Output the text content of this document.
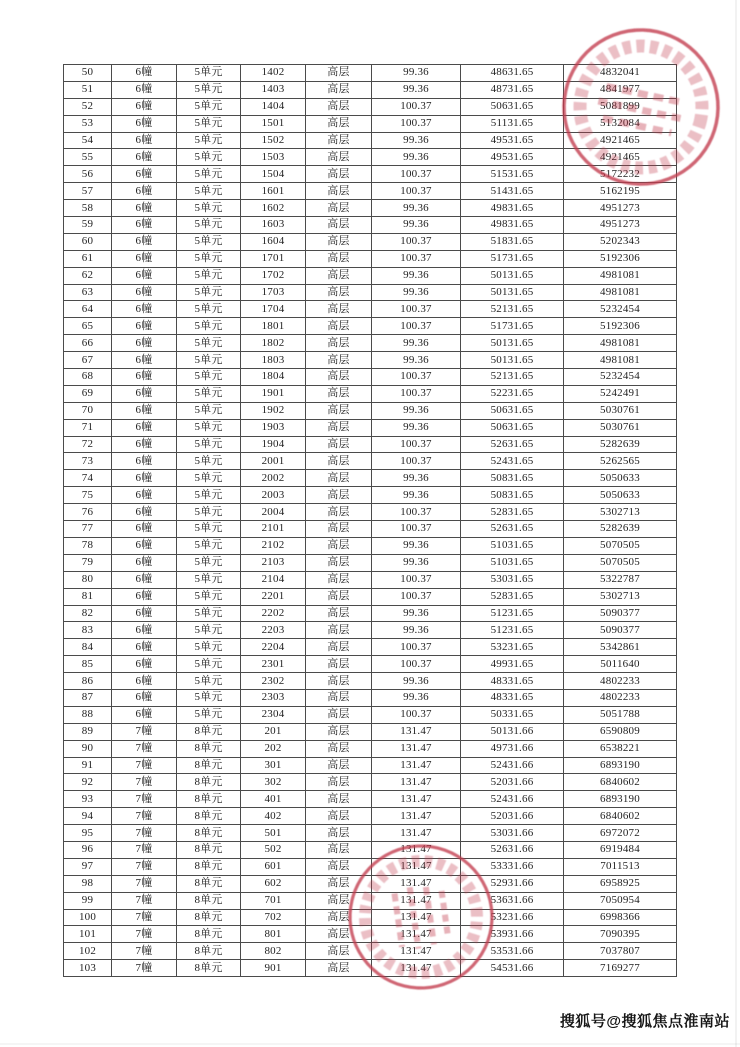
50	6幢	5单元	1402	高层	99.36	48631.65	4832041
51	6幢	5单元	1403	高层	99.36	48731.65	4841977
52	6幢	5单元	1404	高层	100.37	50631.65	5081899
53	6幢	5单元	1501	高层	100.37	51131.65	5132084
54	6幢	5单元	1502	高层	99.36	49531.65	4921465
55	6幢	5单元	1503	高层	99.36	49531.65	4921465
56	6幢	5单元	1504	高层	100.37	51531.65	5172232
57	6幢	5单元	1601	高层	100.37	51431.65	5162195
58	6幢	5单元	1602	高层	99.36	49831.65	4951273
59	6幢	5单元	1603	高层	99.36	49831.65	4951273
60	6幢	5单元	1604	高层	100.37	51831.65	5202343
61	6幢	5单元	1701	高层	100.37	51731.65	5192306
62	6幢	5单元	1702	高层	99.36	50131.65	4981081
63	6幢	5单元	1703	高层	99.36	50131.65	4981081
64	6幢	5单元	1704	高层	100.37	52131.65	5232454
65	6幢	5单元	1801	高层	100.37	51731.65	5192306
66	6幢	5单元	1802	高层	99.36	50131.65	4981081
67	6幢	5单元	1803	高层	99.36	50131.65	4981081
68	6幢	5单元	1804	高层	100.37	52131.65	5232454
69	6幢	5单元	1901	高层	100.37	52231.65	5242491
70	6幢	5单元	1902	高层	99.36	50631.65	5030761
71	6幢	5单元	1903	高层	99.36	50631.65	5030761
72	6幢	5单元	1904	高层	100.37	52631.65	5282639
73	6幢	5单元	2001	高层	100.37	52431.65	5262565
74	6幢	5单元	2002	高层	99.36	50831.65	5050633
75	6幢	5单元	2003	高层	99.36	50831.65	5050633
76	6幢	5单元	2004	高层	100.37	52831.65	5302713
77	6幢	5单元	2101	高层	100.37	52631.65	5282639
78	6幢	5单元	2102	高层	99.36	51031.65	5070505
79	6幢	5单元	2103	高层	99.36	51031.65	5070505
80	6幢	5单元	2104	高层	100.37	53031.65	5322787
81	6幢	5单元	2201	高层	100.37	52831.65	5302713
82	6幢	5单元	2202	高层	99.36	51231.65	5090377
83	6幢	5单元	2203	高层	99.36	51231.65	5090377
84	6幢	5单元	2204	高层	100.37	53231.65	5342861
85	6幢	5单元	2301	高层	100.37	49931.65	5011640
86	6幢	5单元	2302	高层	99.36	48331.65	4802233
87	6幢	5单元	2303	高层	99.36	48331.65	4802233
88	6幢	5单元	2304	高层	100.37	50331.65	5051788
89	7幢	8单元	201	高层	131.47	50131.66	6590809
90	7幢	8单元	202	高层	131.47	49731.66	6538221
91	7幢	8单元	301	高层	131.47	52431.66	6893190
92	7幢	8单元	302	高层	131.47	52031.66	6840602
93	7幢	8单元	401	高层	131.47	52431.66	6893190
94	7幢	8单元	402	高层	131.47	52031.66	6840602
95	7幢	8单元	501	高层	131.47	53031.66	6972072
96	7幢	8单元	502	高层	131.47	52631.66	6919484
97	7幢	8单元	601	高层	131.47	53331.66	7011513
98	7幢	8单元	602	高层	131.47	52931.66	6958925
99	7幢	8单元	701	高层	131.47	53631.66	7050954
100	7幢	8单元	702	高层	131.47	53231.66	6998366
101	7幢	8单元	801	高层	131.47	53931.66	7090395
102	7幢	8单元	802	高层	131.47	53531.66	7037807
103	7幢	8单元	901	高层	131.47	54531.66	7169277
搜狐号@搜狐焦点淮南站
